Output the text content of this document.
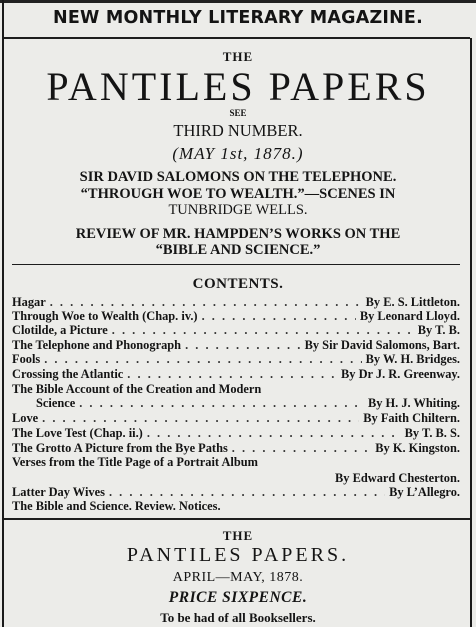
NEW MONTHLY LITERARY MAGAZINE.
THE
PANTILES PAPERS
SEE
THIRD NUMBER.
(MAY 1st, 1878.)
SIR DAVID SALOMONS ON THE TELEPHONE.
“THROUGH WOE TO WEALTH.”—SCENES IN
TUNBRIDGE WELLS.
REVIEW OF MR. HAMPDEN’S WORKS ON THE
“BIBLE AND SCIENCE.”
CONTENTS.
Hagar . . .	By E. S. Littleton.
Through Woe to Wealth (Chap. iv.) . . .	By Leonard Lloyd.
Clotilde, a Picture . . .	By T. B.
The Telephone and Phonograph . . .	By Sir David Salomons, Bart.
Fools . . .	By W. H. Bridges.
Crossing the Atlantic . . .	By Dr J. R. Greenway.
The Bible Account of the Creation and Modern
Science . . .	By H. J. Whiting.
Love . . .	By Faith Chiltern.
The Love Test (Chap. ii.) . . .	By T. B. S.
The Grotto A Picture from the Bye Paths . . .	By K. Kingston.
Verses from the Title Page of a Portrait Album
By Edward Chesterton.
Latter Day Wives . . .	By L’Allegro.
The Bible and Science. Review. Notices.
THE
PANTILES PAPERS.
APRIL—MAY, 1878.
PRICE SIXPENCE.
To be had of all Booksellers.
